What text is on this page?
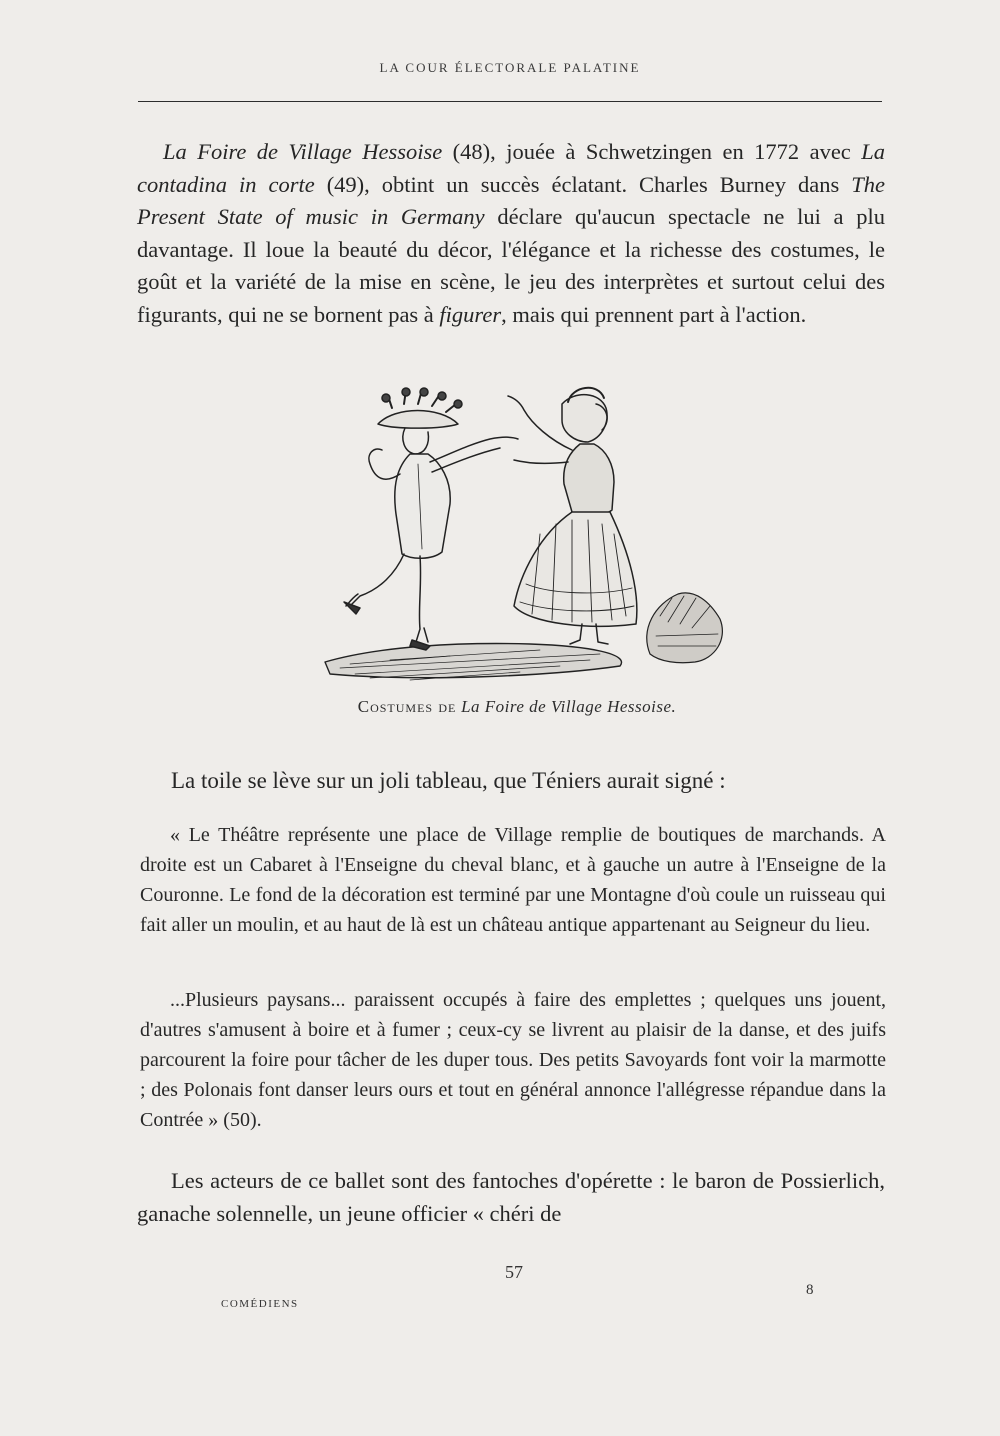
LA COUR ÉLECTORALE PALATINE
La Foire de Village Hessoise (48), jouée à Schwetzingen en 1772 avec La contadina in corte (49), obtint un succès éclatant. Charles Burney dans The Present State of music in Germany déclare qu'aucun spectacle ne lui a plu davantage. Il loue la beauté du décor, l'élégance et la richesse des costumes, le goût et la variété de la mise en scène, le jeu des interprètes et surtout celui des figurants, qui ne se bornent pas à figurer, mais qui prennent part à l'action.
Costumes de La Foire de Village Hessoise.
La toile se lève sur un joli tableau, que Téniers aurait signé :
« Le Théâtre représente une place de Village remplie de boutiques de marchands. A droite est un Cabaret à l'Enseigne du cheval blanc, et à gauche un autre à l'Enseigne de la Couronne. Le fond de la décoration est terminé par une Montagne d'où coule un ruisseau qui fait aller un moulin, et au haut de là est un château antique appartenant au Seigneur du lieu.
...Plusieurs paysans... paraissent occupés à faire des emplettes ; quelques uns jouent, d'autres s'amusent à boire et à fumer ; ceux-cy se livrent au plaisir de la danse, et des juifs parcourent la foire pour tâcher de les duper tous. Des petits Savoyards font voir la marmotte ; des Polonais font danser leurs ours et tout en général annonce l'allégresse répandue dans la Contrée » (50).
Les acteurs de ce ballet sont des fantoches d'opérette : le baron de Possierlich, ganache solennelle, un jeune officier « chéri de
57
COMÉDIENS
8
